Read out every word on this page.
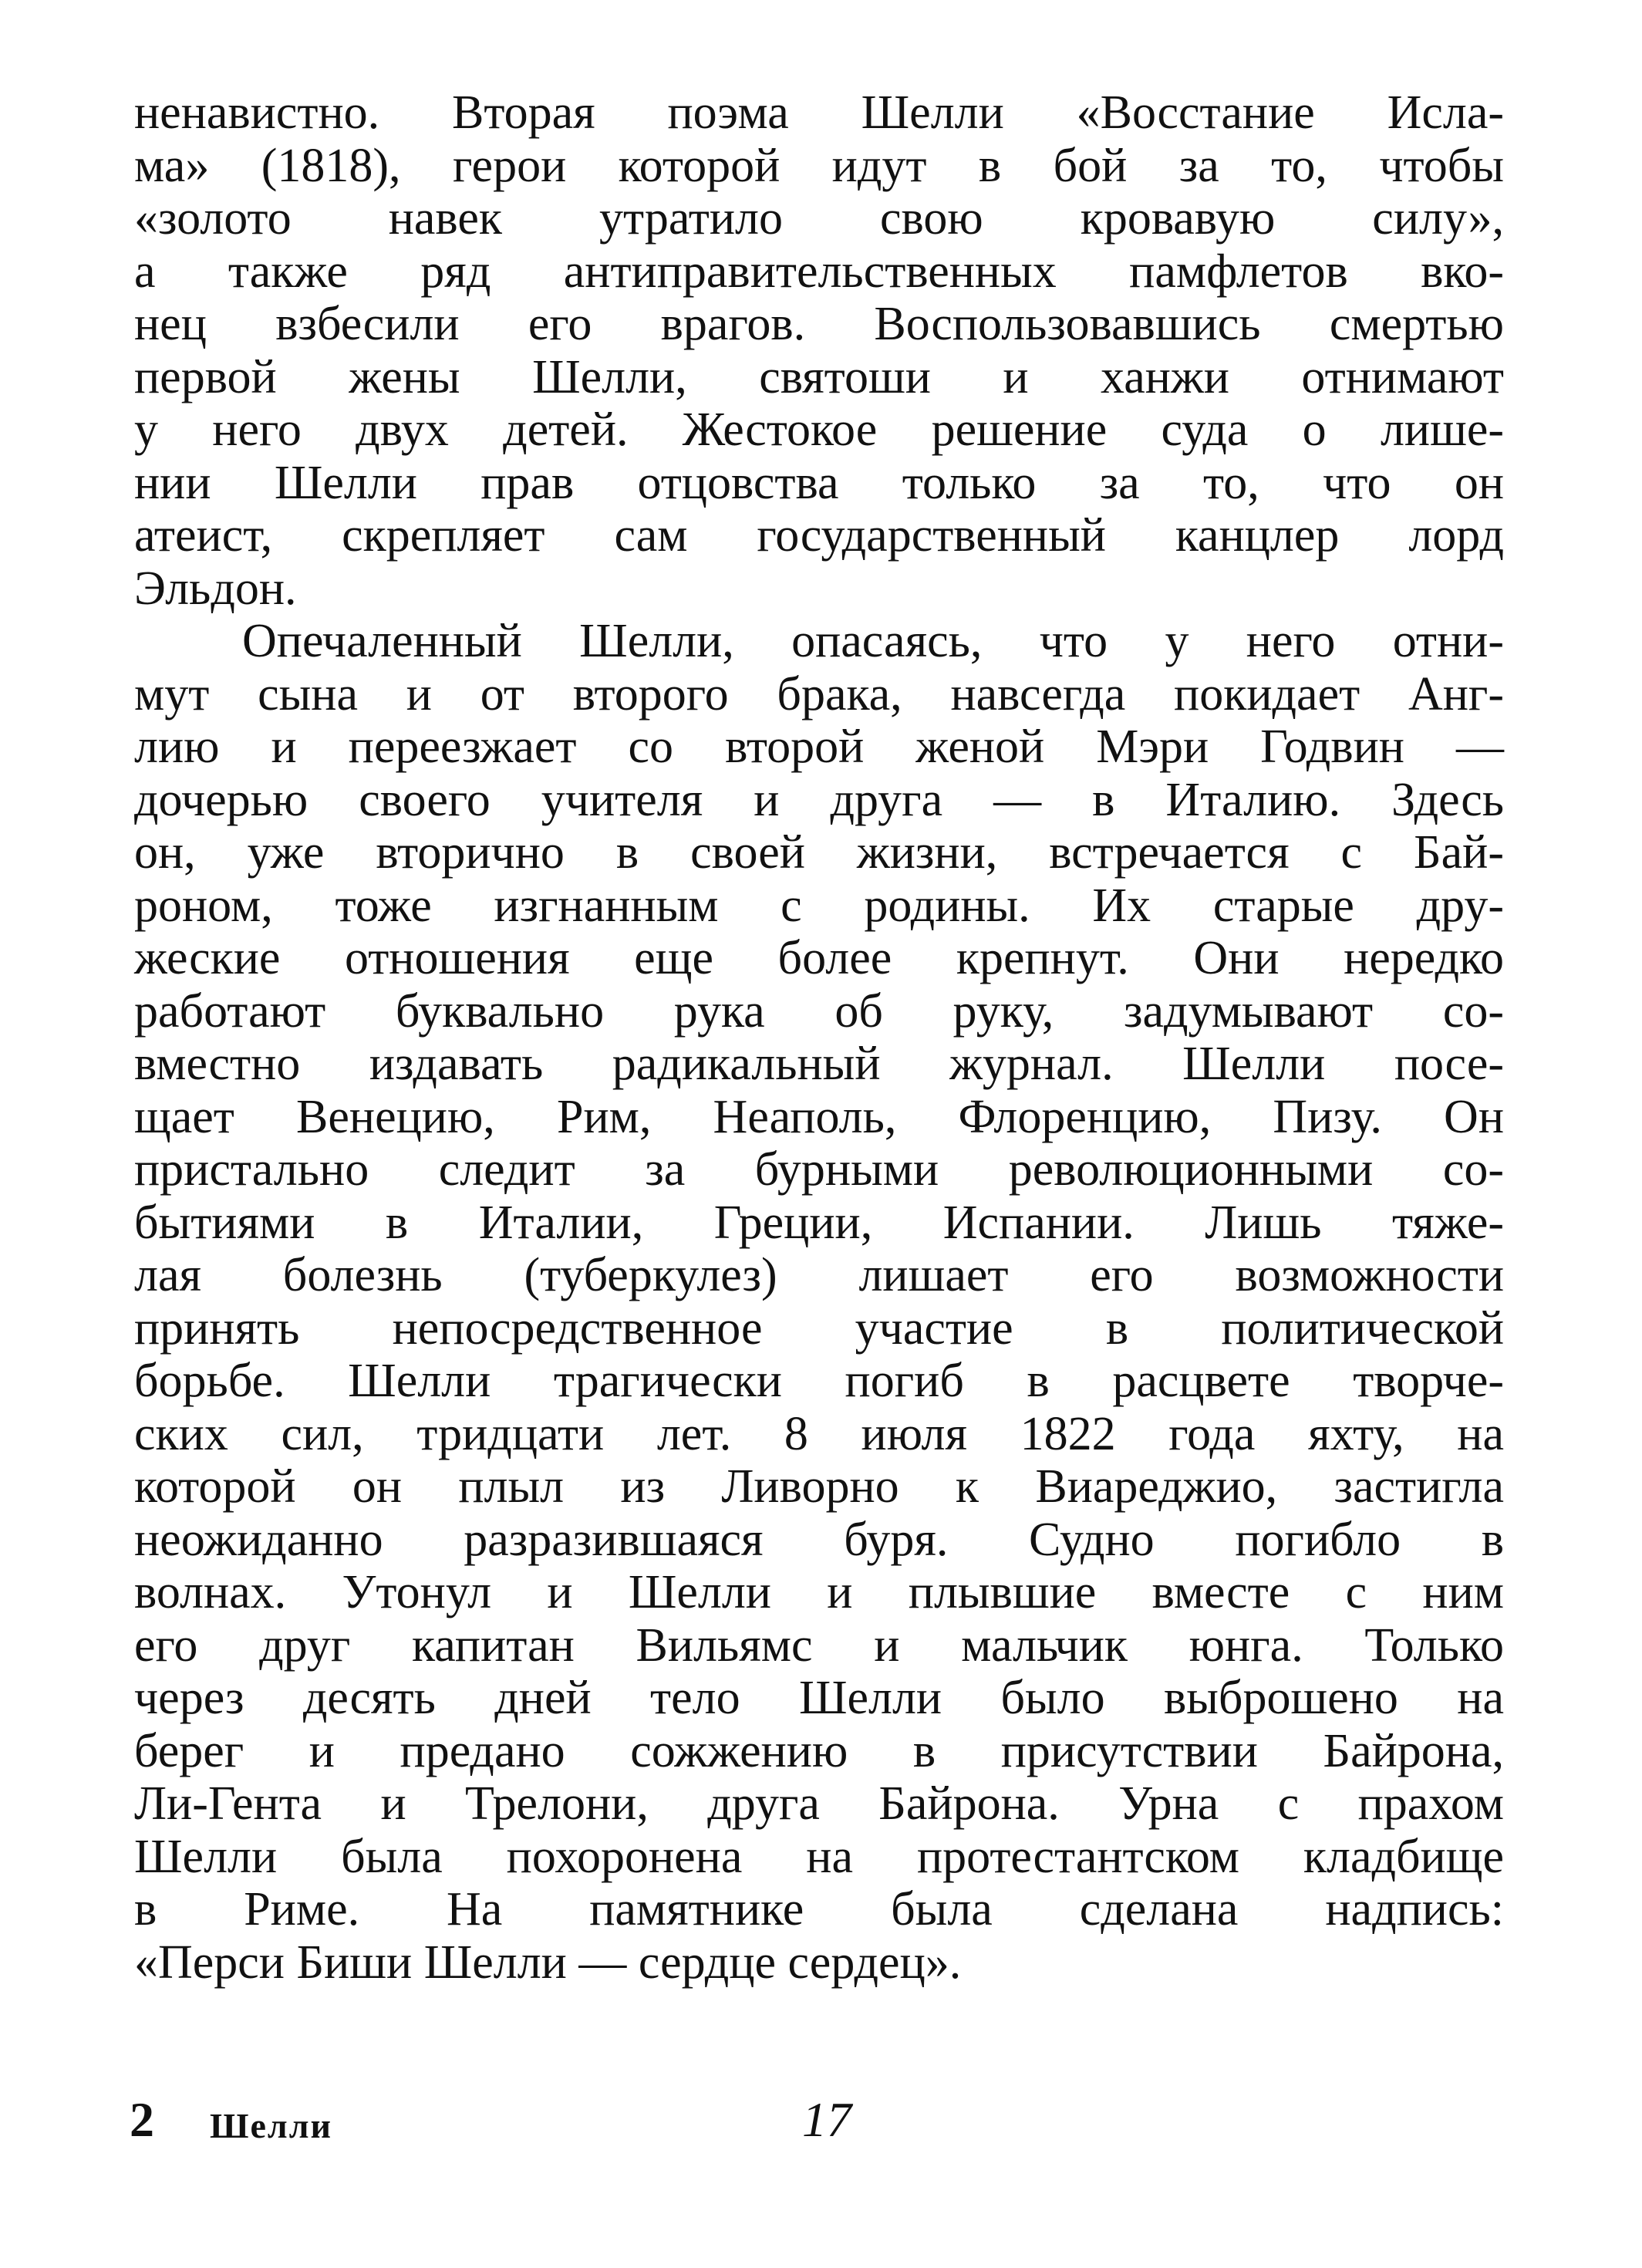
ненавистно. Вторая поэма Шелли «Восстание Исла-
ма» (1818), герои которой идут в бой за то, чтобы
«золото навек утратило свою кровавую силу»,
а также ряд антиправительственных памфлетов вко-
нец взбесили его врагов. Воспользовавшись смертью
первой жены Шелли, святоши и ханжи отнимают
у него двух детей. Жестокое решение суда о лише-
нии Шелли прав отцовства только за то, что он
атеист, скрепляет сам государственный канцлер лорд
Эльдон.
Опечаленный Шелли, опасаясь, что у него отни-
мут сына и от второго брака, навсегда покидает Анг-
лию и переезжает со второй женой Мэри Годвин —
дочерью своего учителя и друга — в Италию. Здесь
он, уже вторично в своей жизни, встречается с Бай-
роном, тоже изгнанным с родины. Их старые дру-
жеские отношения еще более крепнут. Они нередко
работают буквально рука об руку, задумывают со-
вместно издавать радикальный журнал. Шелли посе-
щает Венецию, Рим, Неаполь, Флоренцию, Пизу. Он
пристально следит за бурными революционными со-
бытиями в Италии, Греции, Испании. Лишь тяже-
лая болезнь (туберкулез) лишает его возможности
принять непосредственное участие в политической
борьбе. Шелли трагически погиб в расцвете творче-
ских сил, тридцати лет. 8 июля 1822 года яхту, на
которой он плыл из Ливорно к Виареджио, застигла
неожиданно разразившаяся буря. Судно погибло в
волнах. Утонул и Шелли и плывшие вместе с ним
его друг капитан Вильямс и мальчик юнга. Только
через десять дней тело Шелли было выброшено на
берег и предано сожжению в присутствии Байрона,
Ли-Гента и Трелони, друга Байрона. Урна с прахом
Шелли была похоронена на протестантском кладбище
в Риме. На памятнике была сделана надпись:
«Перси Биши Шелли — сердце сердец».
2 Шелли	17
